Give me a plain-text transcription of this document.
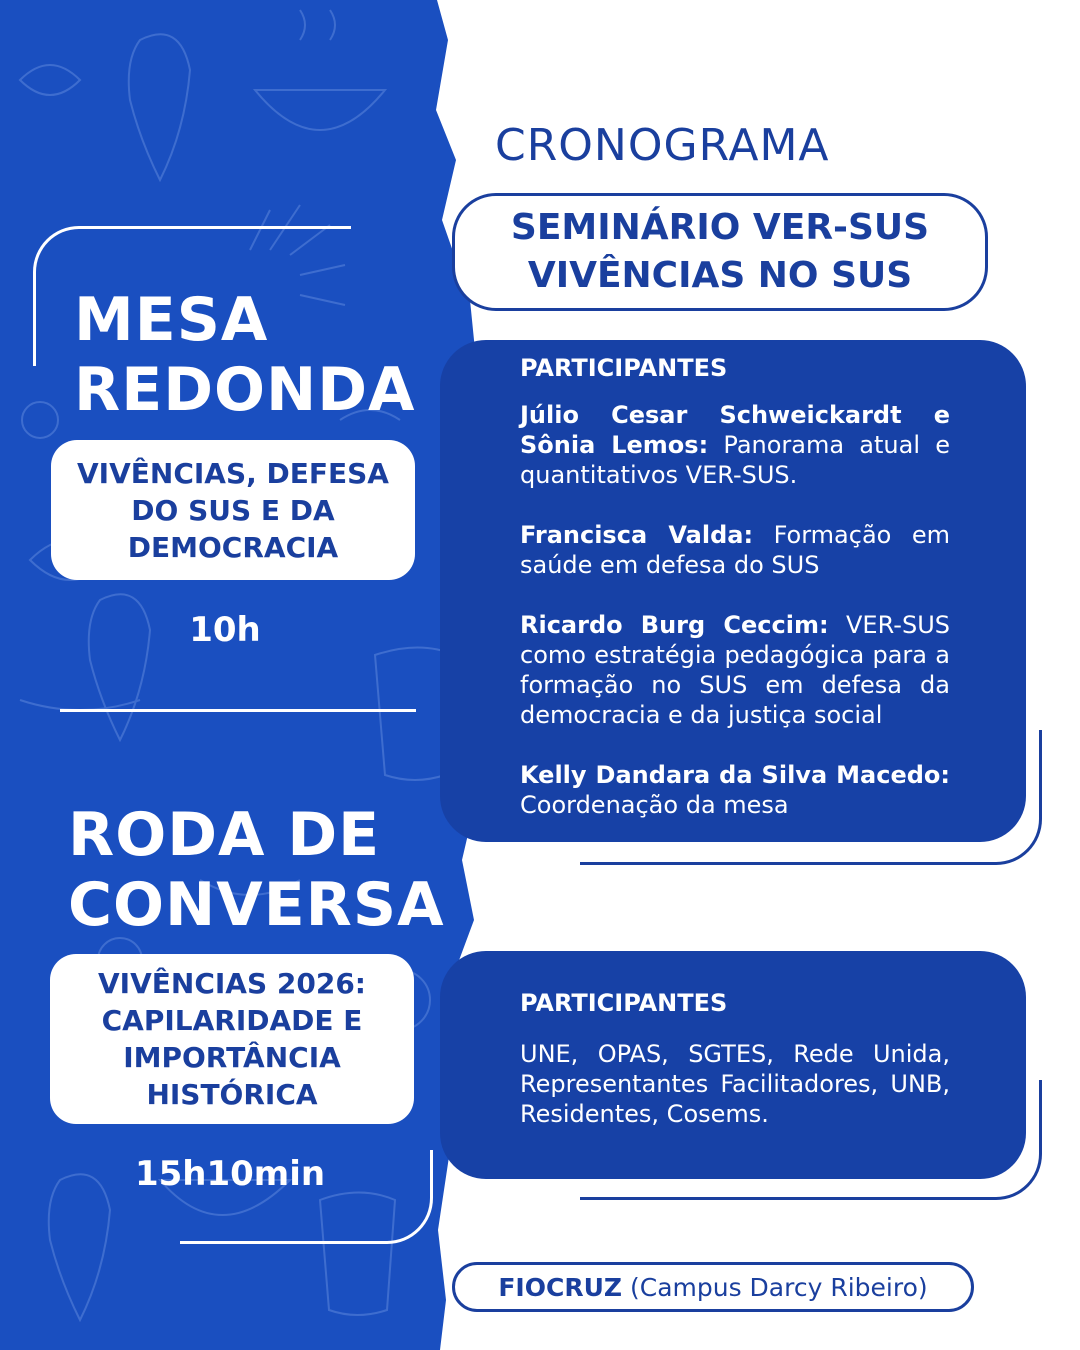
MESA
REDONDA
VIVÊNCIAS, DEFESA DO SUS E DA DEMOCRACIA
10h
RODA DE
CONVERSA
VIVÊNCIAS 2026: CAPILARIDADE E IMPORTÂNCIA HISTÓRICA
15h10min
CRONOGRAMA
SEMINÁRIO VER-SUS
VIVÊNCIAS NO SUS
PARTICIPANTES
Júlio Cesar Schweickardt e Sônia Lemos: Panorama atual e quantitativos VER-SUS.
Francisca Valda: Formação em saúde em defesa do SUS
Ricardo Burg Ceccim: VER-SUS como estratégia pedagógica para a formação no SUS em defesa da democracia e da justiça social
Kelly Dandara da Silva Macedo: Coordenação da mesa
PARTICIPANTES
UNE, OPAS, SGTES, Rede Unida, Representantes Facilitadores, UNB, Residentes, Cosems.
FIOCRUZ (Campus Darcy Ribeiro)
